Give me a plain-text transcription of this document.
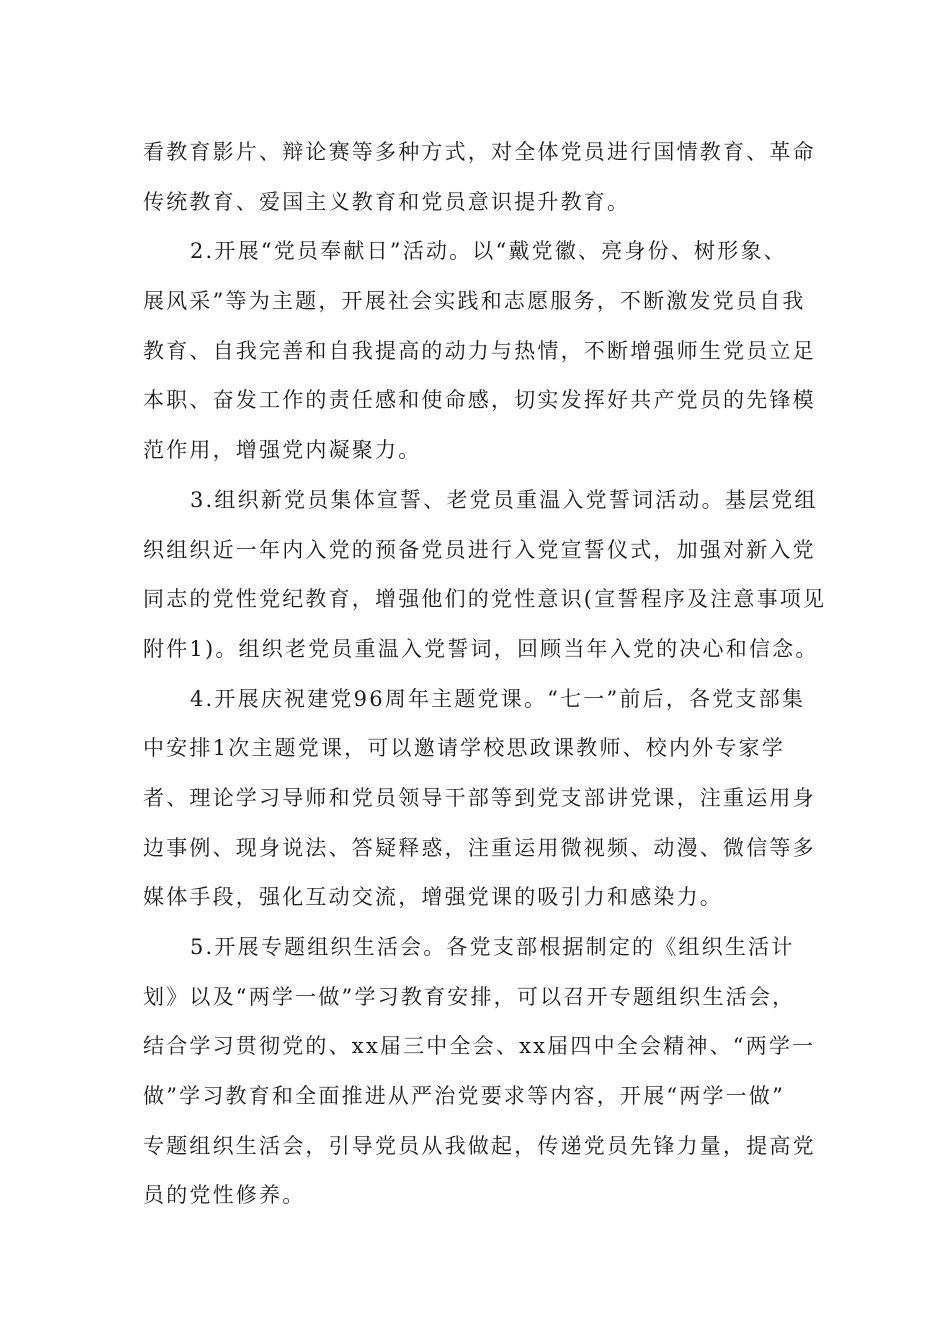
看教育影片、辩论赛等多种方式，对全体党员进行国情教育、革命
传统教育、爱国主义教育和党员意识提升教育。
2.开展“党员奉献日”活动。以“戴党徽、亮身份、树形象、
展风采”等为主题，开展社会实践和志愿服务，不断激发党员自我
教育、自我完善和自我提高的动力与热情，不断增强师生党员立足
本职、奋发工作的责任感和使命感，切实发挥好共产党员的先锋模
范作用，增强党内凝聚力。
3.组织新党员集体宣誓、老党员重温入党誓词活动。基层党组
织组织近一年内入党的预备党员进行入党宣誓仪式，加强对新入党
同志的党性党纪教育，增强他们的党性意识(宣誓程序及注意事项见
附件1)。组织老党员重温入党誓词，回顾当年入党的决心和信念。
4.开展庆祝建党96周年主题党课。“七一”前后，各党支部集
中安排1次主题党课，可以邀请学校思政课教师、校内外专家学
者、理论学习导师和党员领导干部等到党支部讲党课，注重运用身
边事例、现身说法、答疑释惑，注重运用微视频、动漫、微信等多
媒体手段，强化互动交流，增强党课的吸引力和感染力。
5.开展专题组织生活会。各党支部根据制定的《组织生活计
划》以及“两学一做”学习教育安排，可以召开专题组织生活会，
结合学习贯彻党的、xx届三中全会、xx届四中全会精神、“两学一
做”学习教育和全面推进从严治党要求等内容，开展“两学一做”
专题组织生活会，引导党员从我做起，传递党员先锋力量，提高党
员的党性修养。
